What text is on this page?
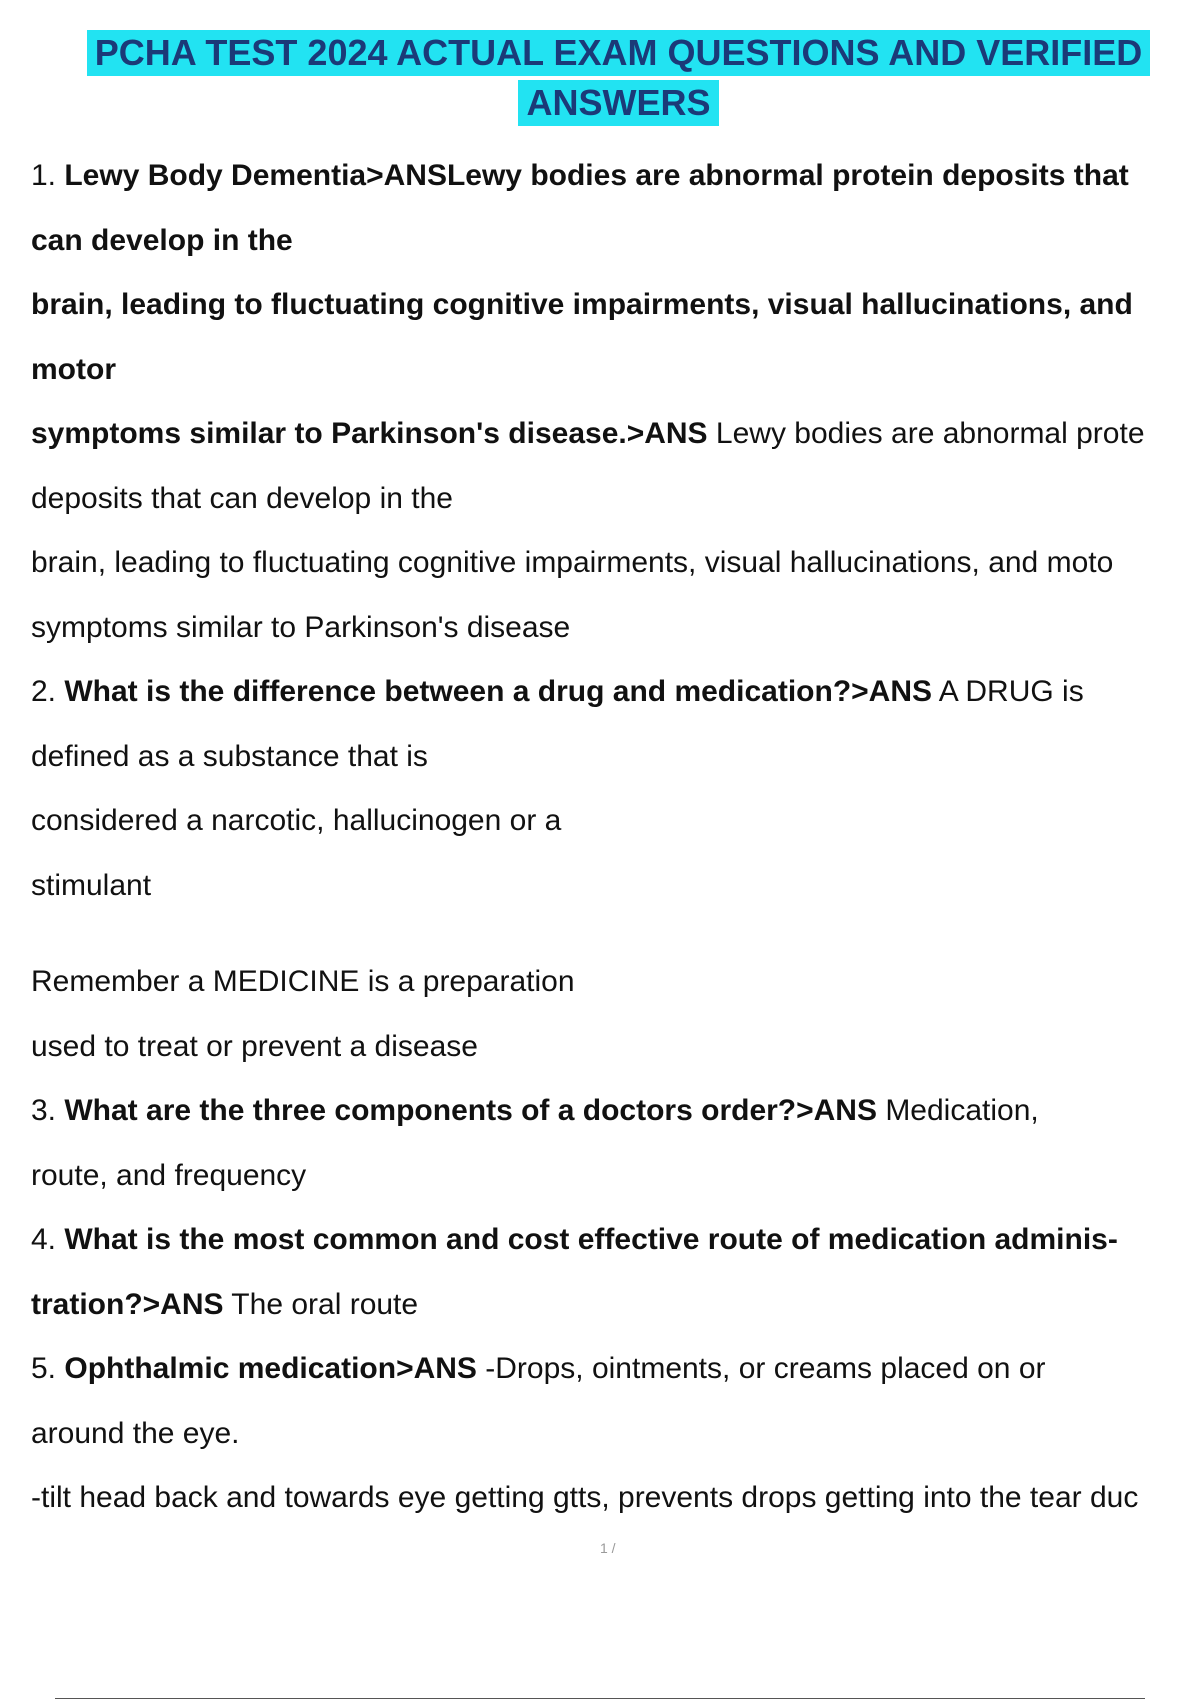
PCHA TEST 2024 ACTUAL EXAM QUESTIONS AND VERIFIED
ANSWERS
1. Lewy Body Dementia>ANSLewy bodies are abnormal protein deposits that
can develop in the
brain, leading to fluctuating cognitive impairments, visual hallucinations, and
motor
symptoms similar to Parkinson's disease.>ANS Lewy bodies are abnormal prote
deposits that can develop in the
brain, leading to fluctuating cognitive impairments, visual hallucinations, and moto
symptoms similar to Parkinson's disease
2. What is the difference between a drug and medication?>ANS A DRUG is
defined as a substance that is
considered a narcotic, hallucinogen or a
stimulant
Remember a MEDICINE is a preparation
used to treat or prevent a disease
3. What are the three components of a doctors order?>ANS Medication,
route, and frequency
4. What is the most common and cost effective route of medication adminis-
tration?>ANS The oral route
5. Ophthalmic medication>ANS -Drops, ointments, or creams placed on or
around the eye.
-tilt head back and towards eye getting gtts, prevents drops getting into the tear duc
1 /
